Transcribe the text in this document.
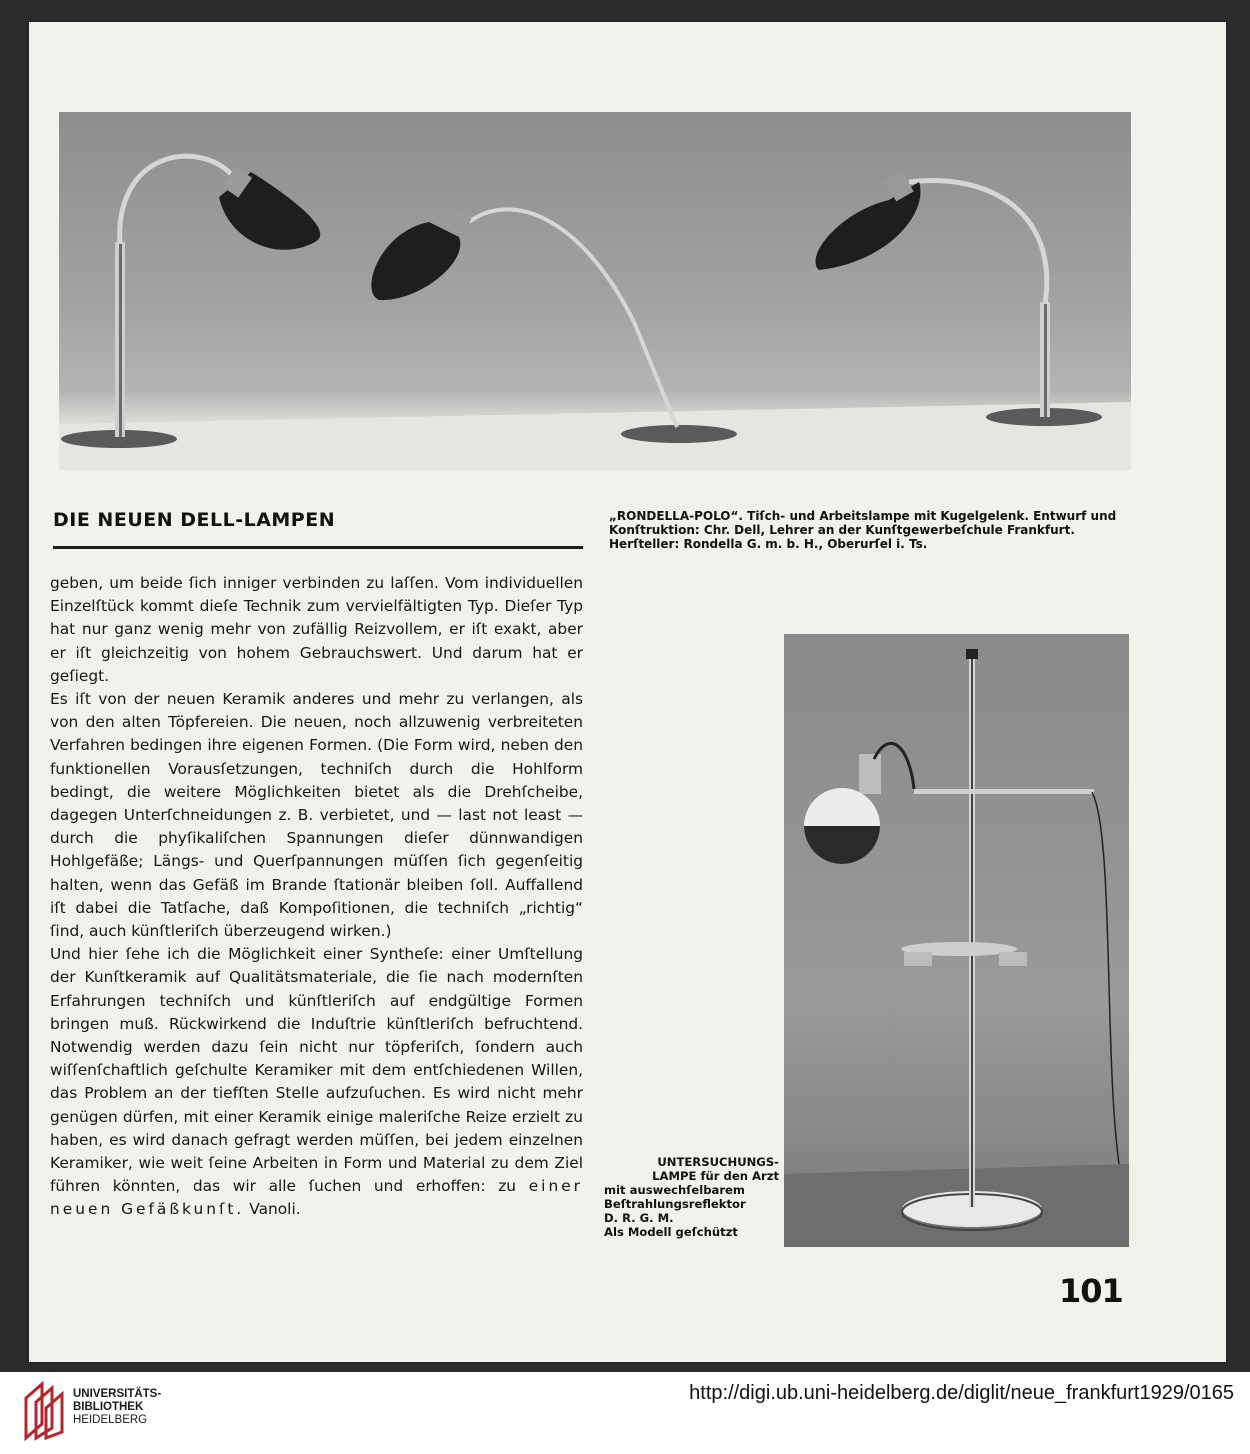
DIE NEUEN DELL-LAMPEN	„RONDELLA-POLO“. Tiſch- und Arbeitslampe mit Kugelgelenk. Entwurf und Konſtruktion: Chr. Dell, Lehrer an der Kunſtgewerbeſchule Frankfurt. Herſteller: Rondella G. m. b. H., Oberurſel i. Ts.

geben, um beide ſich inniger verbinden zu laſſen. Vom individuellen Einzelſtück kommt dieſe Technik zum vervielfältigten Typ. Dieſer Typ hat nur ganz wenig mehr von zufällig Reizvollem, er iſt exakt, aber er iſt gleichzeitig von hohem Gebrauchswert. Und darum hat er geſiegt.

Es iſt von der neuen Keramik anderes und mehr zu verlangen, als von den alten Töpfereien. Die neuen, noch allzuwenig verbreiteten Verfahren bedingen ihre eigenen Formen. (Die Form wird, neben den funktionellen Vorausſetzungen, techniſch durch die Hohlform bedingt, die weitere Möglichkeiten bietet als die Drehſcheibe, dagegen Unterſchneidungen z. B. verbietet, und — last not least — durch die phyſikaliſchen Spannungen dieſer dünnwandigen Hohlgefäße; Längs- und Querſpannungen müſſen ſich gegenſeitig halten, wenn das Gefäß im Brande ſtationär bleiben ſoll. Auffallend iſt dabei die Tatſache, daß Kompoſitionen, die techniſch „richtig“ ſind, auch künſtleriſch überzeugend wirken.)

Und hier ſehe ich die Möglichkeit einer Syntheſe: einer Umſtellung der Kunſtkeramik auf Qualitätsmateriale, die ſie nach modernſten Erfahrungen techniſch und künſtleriſch auf endgültige Formen bringen muß. Rückwirkend die Induſtrie künſtleriſch befruchtend. Notwendig werden dazu ſein nicht nur töpferiſch, ſondern auch wiſſenſchaftlich geſchulte Keramiker mit dem entſchiedenen Willen, das Problem an der tiefſten Stelle aufzuſuchen. Es wird nicht mehr genügen dürfen, mit einer Keramik einige maleriſche Reize erzielt zu haben, es wird danach gefragt werden müſſen, bei jedem einzelnen Keramiker, wie weit ſeine Arbeiten in Form und Material zu dem Ziel führen könnten, das wir alle ſuchen und erhoffen: zu einer neuen Gefäßkunſt. Vanoli.

UNTERSUCHUNGS-
LAMPE für den Arzt
mit auswechſelbarem
Beſtrahlungsreflektor
D. R. G. M.
Als Modell geſchützt
101
UNIVERSITÄTS-
BIBLIOTHEK
HEIDELBERG
http://digi.ub.uni-heidelberg.de/diglit/neue_frankfurt1929/0165
